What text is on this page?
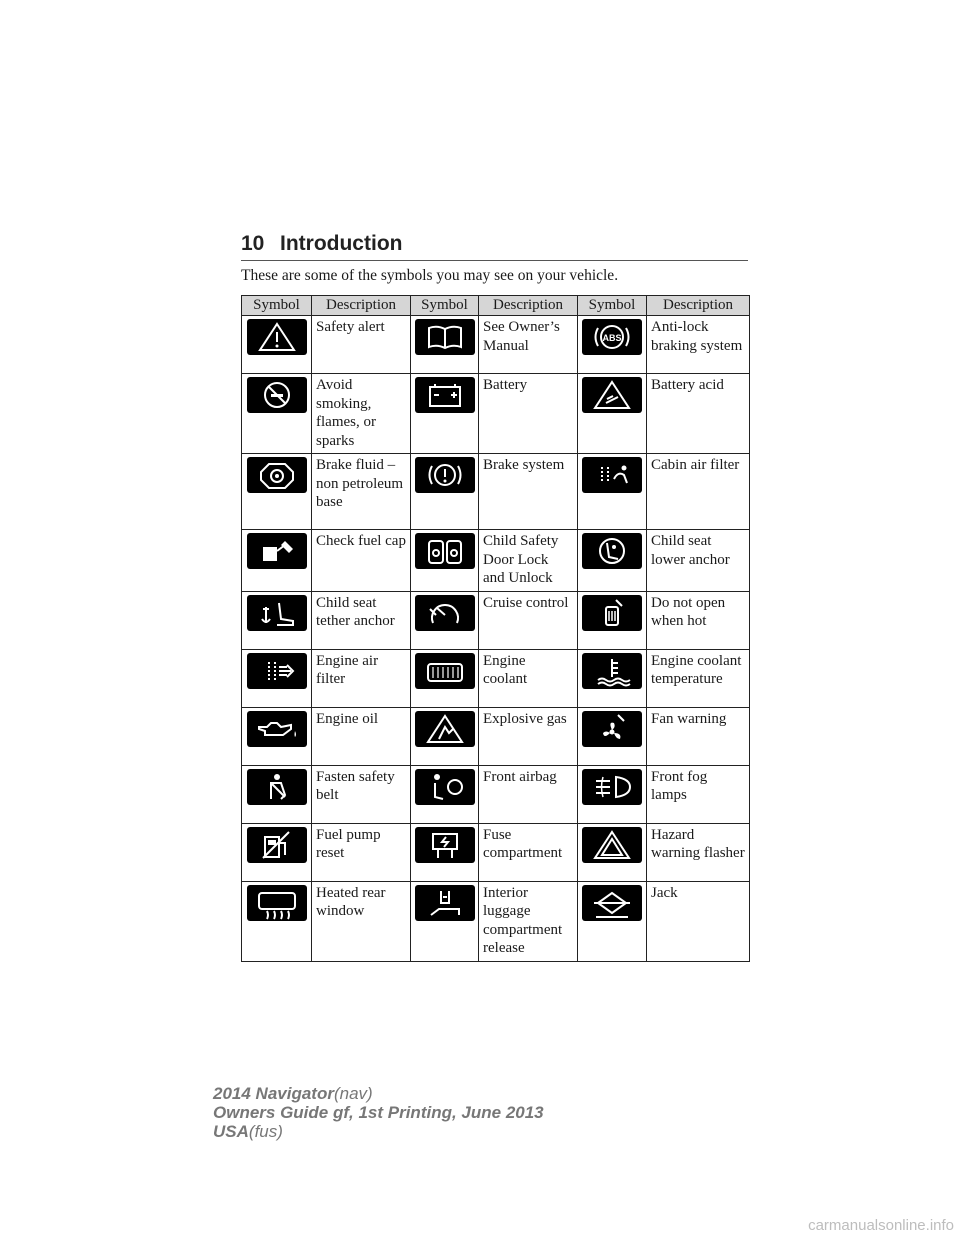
10 Introduction
These are some of the symbols you may see on your vehicle.
Symbol	Description	Symbol	Description	Symbol	Description

	Safety alert		See Owner’s Manual	ABS	Anti-lock braking system

	Avoid smoking, flames, or sparks		Battery		Battery acid

	Brake fluid – non petroleum base		Brake system		Cabin air filter

	Check fuel cap		Child Safety Door Lock and Unlock		Child seat lower anchor

	Child seat tether anchor		Cruise control		Do not open when hot

	Engine air filter		Engine coolant		Engine coolant temperature

	Engine oil		Explosive gas		Fan warning

	Fasten safety belt		Front airbag		Front fog lamps

	Fuel pump reset		Fuse compartment		Hazard warning flasher

	Heated rear window		Interior luggage compartment release		Jack
2014 Navigator(nav)
Owners Guide gf, 1st Printing, June 2013
USA(fus)
carmanualsonline.info
